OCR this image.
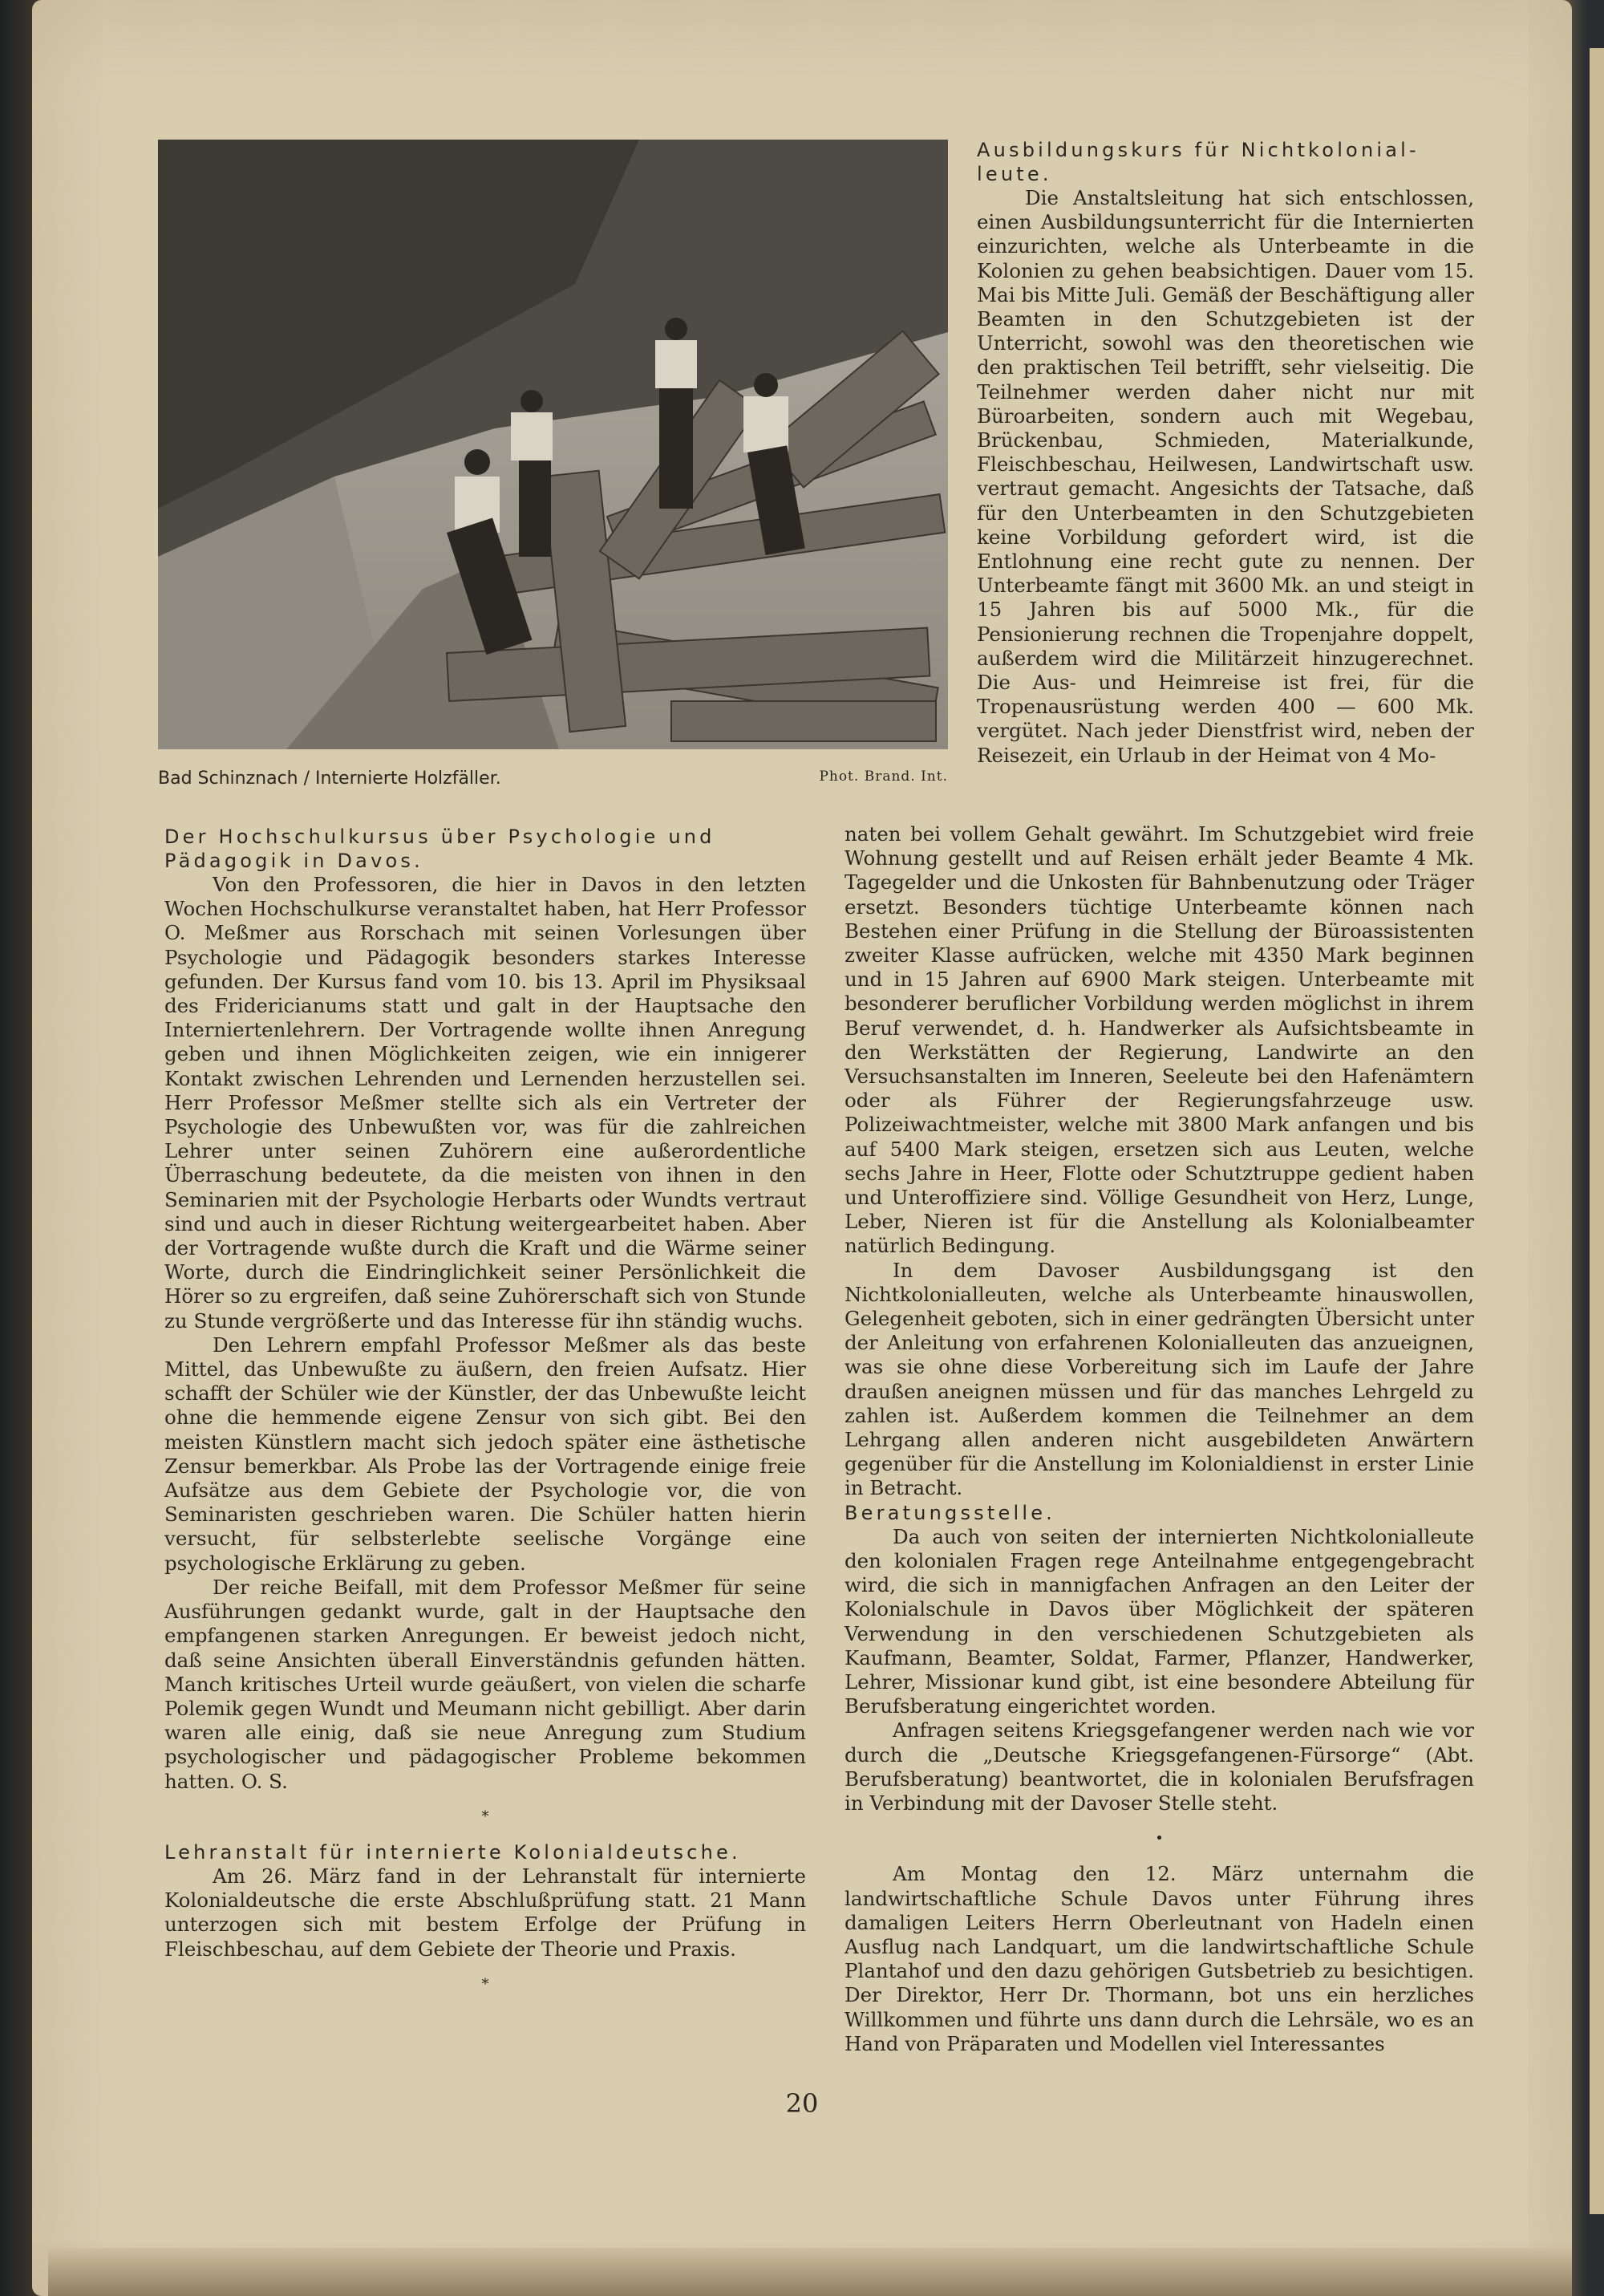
Bad Schinznach / Internierte Holzfäller.	Phot. Brand. Int.
Ausbildungskurs für Nichtkolonial-leute.

Die Anstaltsleitung hat sich entschlossen, einen Ausbildungsunterricht für die Internierten einzurichten, welche als Unterbeamte in die Kolonien zu gehen beabsichtigen. Dauer vom 15. Mai bis Mitte Juli. Gemäß der Beschäftigung aller Beamten in den Schutzgebieten ist der Unterricht, sowohl was den theoretischen wie den praktischen Teil betrifft, sehr vielseitig. Die Teilnehmer werden daher nicht nur mit Büroarbeiten, sondern auch mit Wegebau, Brückenbau, Schmieden, Materialkunde, Fleischbeschau, Heilwesen, Landwirtschaft usw. vertraut gemacht. Angesichts der Tatsache, daß für den Unterbeamten in den Schutzgebieten keine Vorbildung gefordert wird, ist die Entlohnung eine recht gute zu nennen. Der Unterbeamte fängt mit 3600 Mk. an und steigt in 15 Jahren bis auf 5000 Mk., für die Pensionierung rechnen die Tropenjahre doppelt, außerdem wird die Militärzeit hinzugerechnet. Die Aus- und Heimreise ist frei, für die Tropenausrüstung werden 400 — 600 Mk. vergütet. Nach jeder Dienstfrist wird, neben der Reisezeit, ein Urlaub in der Heimat von 4 Mo-

naten bei vollem Gehalt gewährt. Im Schutzgebiet wird freie Wohnung gestellt und auf Reisen erhält jeder Beamte 4 Mk. Tagegelder und die Unkosten für Bahnbenutzung oder Träger ersetzt. Besonders tüchtige Unterbeamte können nach Bestehen einer Prüfung in die Stellung der Büroassistenten zweiter Klasse aufrücken, welche mit 4350 Mark beginnen und in 15 Jahren auf 6900 Mark steigen. Unterbeamte mit besonderer beruflicher Vorbildung werden möglichst in ihrem Beruf verwendet, d. h. Handwerker als Aufsichtsbeamte in den Werkstätten der Regierung, Landwirte an den Versuchsanstalten im Inneren, Seeleute bei den Hafenämtern oder als Führer der Regierungsfahrzeuge usw. Polizeiwachtmeister, welche mit 3800 Mark anfangen und bis auf 5400 Mark steigen, ersetzen sich aus Leuten, welche sechs Jahre in Heer, Flotte oder Schutztruppe gedient haben und Unteroffiziere sind. Völlige Gesundheit von Herz, Lunge, Leber, Nieren ist für die Anstellung als Kolonialbeamter natürlich Bedingung.

In dem Davoser Ausbildungsgang ist den Nichtkolonialleuten, welche als Unterbeamte hinauswollen, Gelegenheit geboten, sich in einer gedrängten Übersicht unter der Anleitung von erfahrenen Kolonialleuten das anzueignen, was sie ohne diese Vorbereitung sich im Laufe der Jahre draußen aneignen müssen und für das manches Lehrgeld zu zahlen ist. Außerdem kommen die Teilnehmer an dem Lehrgang allen anderen nicht ausgebildeten Anwärtern gegenüber für die Anstellung im Kolonialdienst in erster Linie in Betracht.

Beratungsstelle.

Da auch von seiten der internierten Nichtkolonialleute den kolonialen Fragen rege Anteilnahme entgegengebracht wird, die sich in mannigfachen Anfragen an den Leiter der Kolonialschule in Davos über Möglichkeit der späteren Verwendung in den verschiedenen Schutzgebieten als Kaufmann, Beamter, Soldat, Farmer, Pflanzer, Handwerker, Lehrer, Missionar kund gibt, ist eine besondere Abteilung für Berufsberatung eingerichtet worden.

Anfragen seitens Kriegsgefangener werden nach wie vor durch die „Deutsche Kriegsgefangenen-Fürsorge“ (Abt. Berufsberatung) beantwortet, die in kolonialen Berufsfragen in Verbindung mit der Davoser Stelle steht.

•

Am Montag den 12. März unternahm die landwirtschaftliche Schule Davos unter Führung ihres damaligen Leiters Herrn Oberleutnant von Hadeln einen Ausflug nach Landquart, um die landwirtschaftliche Schule Plantahof und den dazu gehörigen Gutsbetrieb zu besichtigen. Der Direktor, Herr Dr. Thormann, bot uns ein herzliches Willkommen und führte uns dann durch die Lehrsäle, wo es an Hand von Präparaten und Modellen viel Interessantes

Der Hochschulkursus über Psychologie und Pädagogik in Davos.

Von den Professoren, die hier in Davos in den letzten Wochen Hochschulkurse veranstaltet haben, hat Herr Professor O. Meßmer aus Rorschach mit seinen Vorlesungen über Psychologie und Pädagogik besonders starkes Interesse gefunden. Der Kursus fand vom 10. bis 13. April im Physiksaal des Fridericianums statt und galt in der Hauptsache den Interniertenlehrern. Der Vortragende wollte ihnen Anregung geben und ihnen Möglichkeiten zeigen, wie ein innigerer Kontakt zwischen Lehrenden und Lernenden herzustellen sei. Herr Professor Meßmer stellte sich als ein Vertreter der Psychologie des Unbewußten vor, was für die zahlreichen Lehrer unter seinen Zuhörern eine außerordentliche Überraschung bedeutete, da die meisten von ihnen in den Seminarien mit der Psychologie Herbarts oder Wundts vertraut sind und auch in dieser Richtung weitergearbeitet haben. Aber der Vortragende wußte durch die Kraft und die Wärme seiner Worte, durch die Eindringlichkeit seiner Persönlichkeit die Hörer so zu ergreifen, daß seine Zuhörerschaft sich von Stunde zu Stunde vergrößerte und das Interesse für ihn ständig wuchs.

Den Lehrern empfahl Professor Meßmer als das beste Mittel, das Unbewußte zu äußern, den freien Aufsatz. Hier schafft der Schüler wie der Künstler, der das Unbewußte leicht ohne die hemmende eigene Zensur von sich gibt. Bei den meisten Künstlern macht sich jedoch später eine ästhetische Zensur bemerkbar. Als Probe las der Vortragende einige freie Aufsätze aus dem Gebiete der Psychologie vor, die von Seminaristen geschrieben waren. Die Schüler hatten hierin versucht, für selbsterlebte seelische Vorgänge eine psychologische Erklärung zu geben.

Der reiche Beifall, mit dem Professor Meßmer für seine Ausführungen gedankt wurde, galt in der Hauptsache den empfangenen starken Anregungen. Er beweist jedoch nicht, daß seine Ansichten überall Einverständnis gefunden hätten. Manch kritisches Urteil wurde geäußert, von vielen die scharfe Polemik gegen Wundt und Meumann nicht gebilligt. Aber darin waren alle einig, daß sie neue Anregung zum Studium psychologischer und pädagogischer Probleme bekommen hatten. O. S.

*
Lehranstalt für internierte Kolonialdeutsche.

Am 26. März fand in der Lehranstalt für internierte Kolonialdeutsche die erste Abschlußprüfung statt. 21 Mann unterzogen sich mit bestem Erfolge der Prüfung in Fleischbeschau, auf dem Gebiete der Theorie und Praxis.

*
20
